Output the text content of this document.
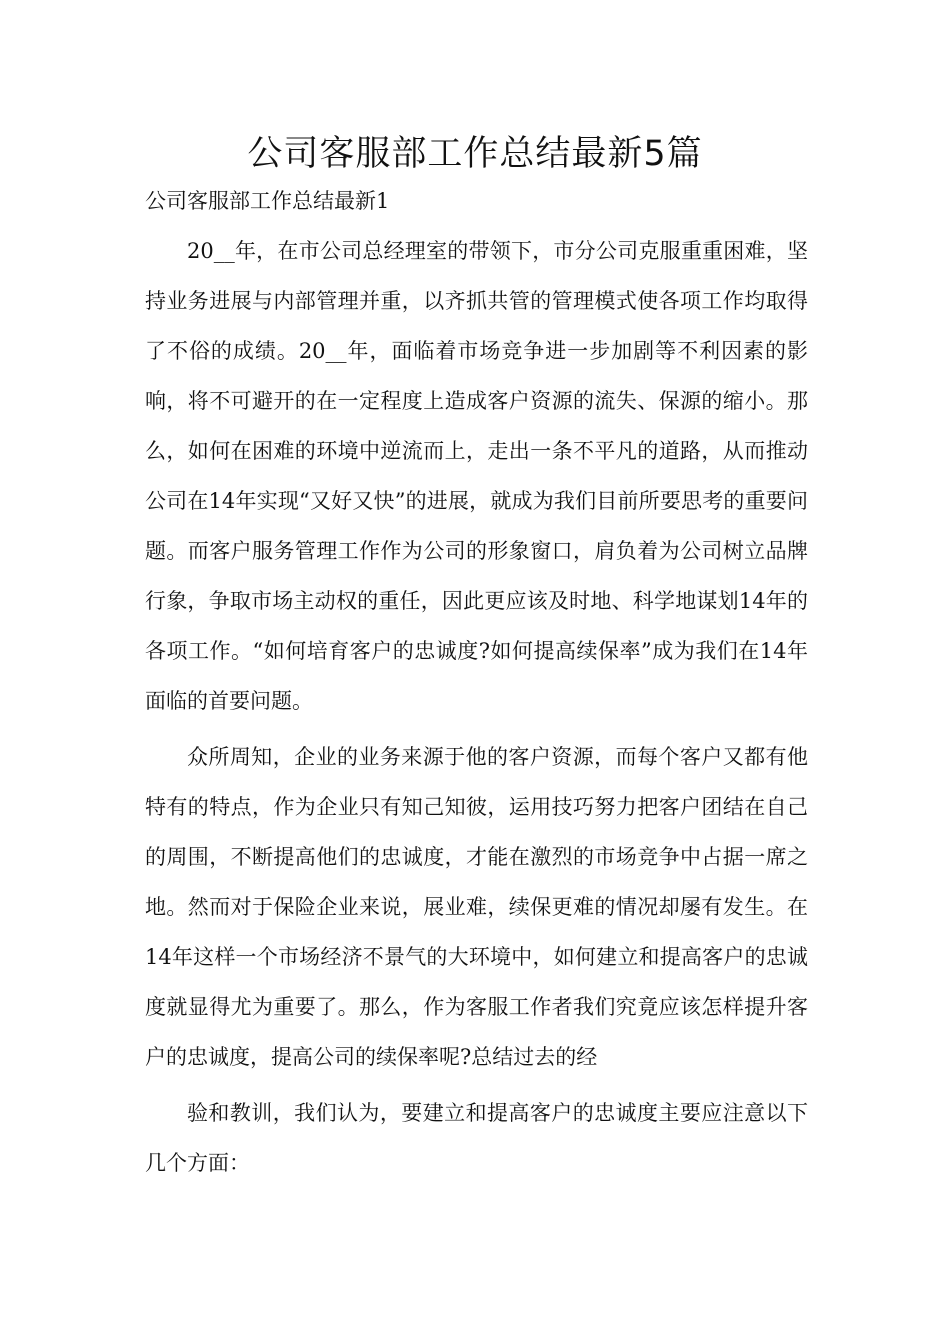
公司客服部工作总结最新5篇

公司客服部工作总结最新1

20__年，在市公司总经理室的带领下，市分公司克服重重困难，坚持业务进展与内部管理并重，以齐抓共管的管理模式使各项工作均取得了不俗的成绩。20__年，面临着市场竞争进一步加剧等不利因素的影响，将不可避开的在一定程度上造成客户资源的流失、保源的缩小。那么，如何在困难的环境中逆流而上，走出一条不平凡的道路，从而推动公司在14年实现“又好又快”的进展，就成为我们目前所要思考的重要问题。而客户服务管理工作作为公司的形象窗口，肩负着为公司树立品牌行象，争取市场主动权的重任，因此更应该及时地、科学地谋划14年的各项工作。“如何培育客户的忠诚度?如何提高续保率”成为我们在14年面临的首要问题。

众所周知，企业的业务来源于他的客户资源，而每个客户又都有他特有的特点，作为企业只有知己知彼，运用技巧努力把客户团结在自己的周围，不断提高他们的忠诚度，才能在激烈的市场竞争中占据一席之地。然而对于保险企业来说，展业难，续保更难的情况却屡有发生。在14年这样一个市场经济不景气的大环境中，如何建立和提高客户的忠诚度就显得尤为重要了。那么，作为客服工作者我们究竟应该怎样提升客户的忠诚度，提高公司的续保率呢?总结过去的经

验和教训，我们认为，要建立和提高客户的忠诚度主要应注意以下几个方面：
